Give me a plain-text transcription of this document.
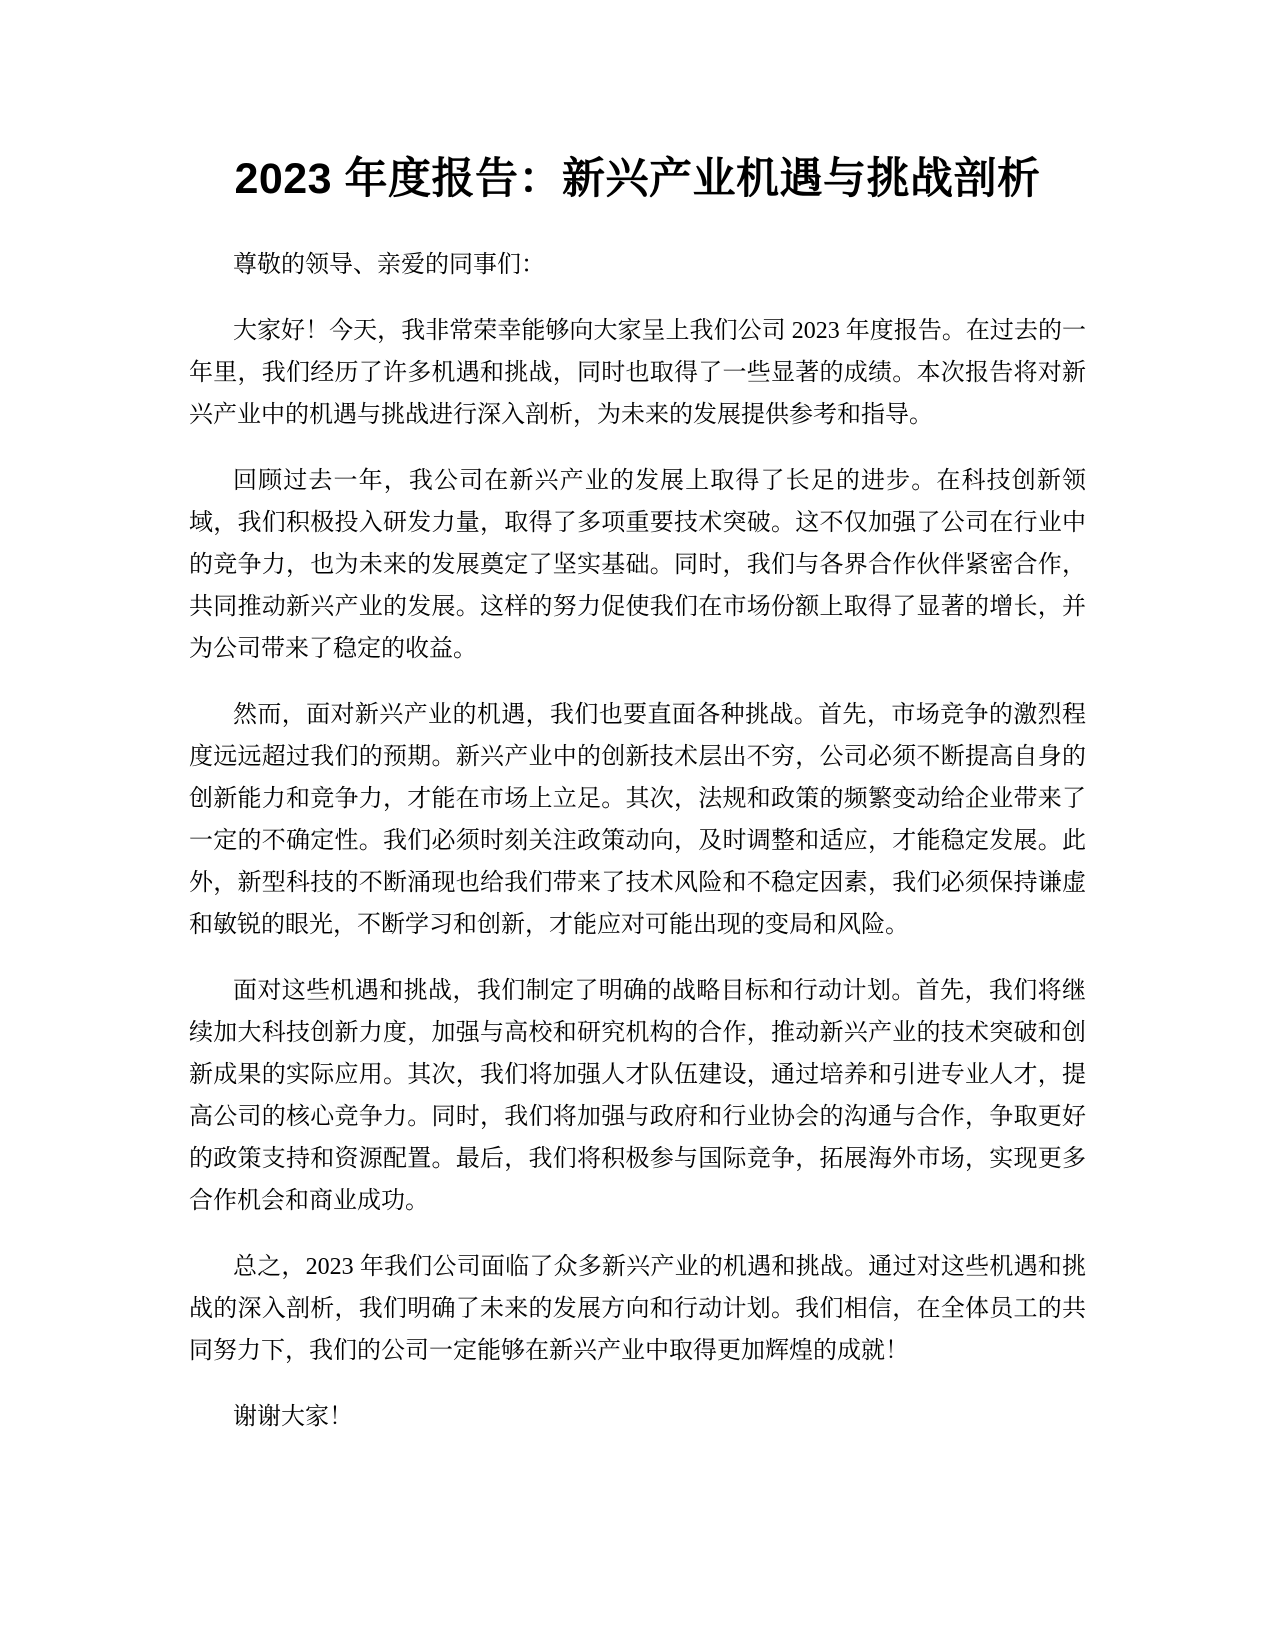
2023 年度报告：新兴产业机遇与挑战剖析

尊敬的领导、亲爱的同事们：

大家好！今天，我非常荣幸能够向大家呈上我们公司 2023 年度报告。在过去的一年里，我们经历了许多机遇和挑战，同时也取得了一些显著的成绩。本次报告将对新兴产业中的机遇与挑战进行深入剖析，为未来的发展提供参考和指导。

回顾过去一年，我公司在新兴产业的发展上取得了长足的进步。在科技创新领域，我们积极投入研发力量，取得了多项重要技术突破。这不仅加强了公司在行业中的竞争力，也为未来的发展奠定了坚实基础。同时，我们与各界合作伙伴紧密合作，共同推动新兴产业的发展。这样的努力促使我们在市场份额上取得了显著的增长，并为公司带来了稳定的收益。

然而，面对新兴产业的机遇，我们也要直面各种挑战。首先，市场竞争的激烈程度远远超过我们的预期。新兴产业中的创新技术层出不穷，公司必须不断提高自身的创新能力和竞争力，才能在市场上立足。其次，法规和政策的频繁变动给企业带来了一定的不确定性。我们必须时刻关注政策动向，及时调整和适应，才能稳定发展。此外，新型科技的不断涌现也给我们带来了技术风险和不稳定因素，我们必须保持谦虚和敏锐的眼光，不断学习和创新，才能应对可能出现的变局和风险。

面对这些机遇和挑战，我们制定了明确的战略目标和行动计划。首先，我们将继续加大科技创新力度，加强与高校和研究机构的合作，推动新兴产业的技术突破和创新成果的实际应用。其次，我们将加强人才队伍建设，通过培养和引进专业人才，提高公司的核心竞争力。同时，我们将加强与政府和行业协会的沟通与合作，争取更好的政策支持和资源配置。最后，我们将积极参与国际竞争，拓展海外市场，实现更多合作机会和商业成功。

总之，2023 年我们公司面临了众多新兴产业的机遇和挑战。通过对这些机遇和挑战的深入剖析，我们明确了未来的发展方向和行动计划。我们相信，在全体员工的共同努力下，我们的公司一定能够在新兴产业中取得更加辉煌的成就！

谢谢大家！
